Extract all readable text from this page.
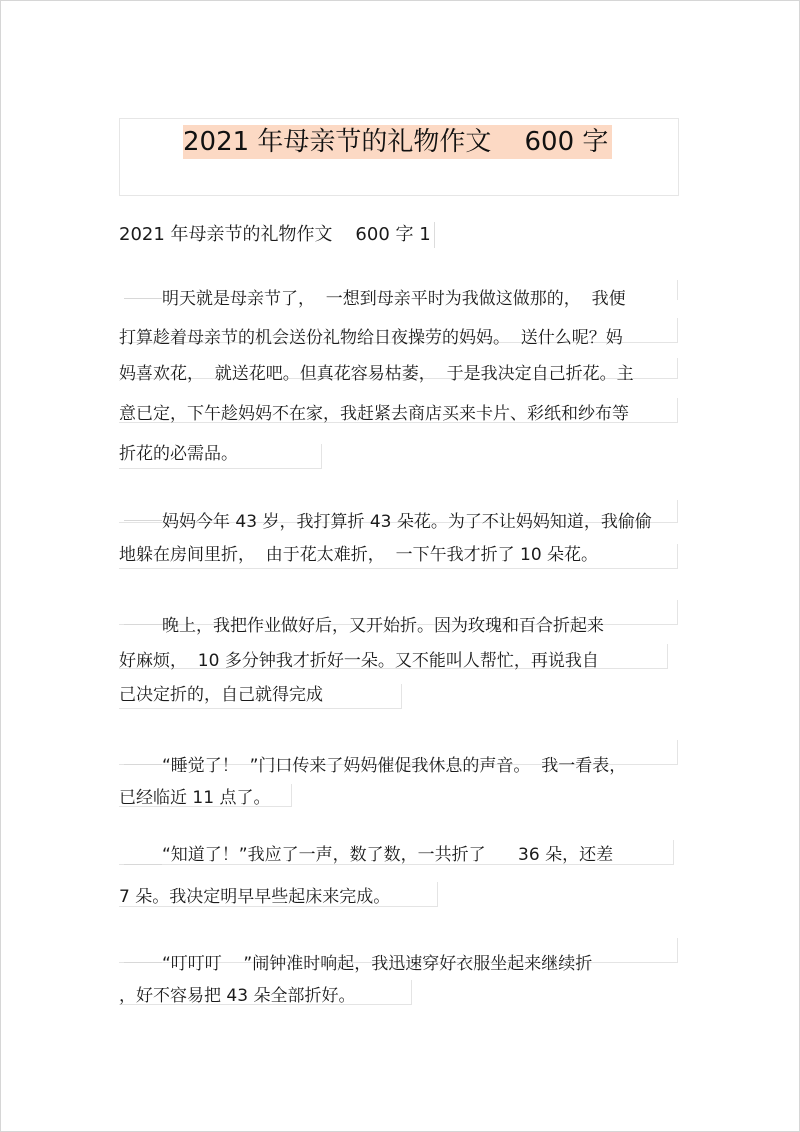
2021 年母亲节的礼物作文    600 字
2021 年母亲节的礼物作文    600 字 1
明天就是母亲节了，  一想到母亲平时为我做这做那的，  我便
打算趁着母亲节的机会送份礼物给日夜操劳的妈妈。  送什么呢？妈
妈喜欢花，  就送花吧。但真花容易枯萎，  于是我决定自己折花。主
意已定，下午趁妈妈不在家，我赶紧去商店买来卡片、彩纸和纱布等
折花的必需品。
妈妈今年 43 岁，我打算折 43 朵花。为了不让妈妈知道，我偷偷
地躲在房间里折，  由于花太难折，  一下午我才折了 10 朵花。
晚上，我把作业做好后，又开始折。因为玫瑰和百合折起来
好麻烦，  10 多分钟我才折好一朵。又不能叫人帮忙，再说我自
己决定折的，自己就得完成
“睡觉了！  ”门口传来了妈妈催促我休息的声音。  我一看表，
已经临近 11 点了。
“知道了！”我应了一声，数了数，一共折了      36 朵，还差
7 朵。我决定明早早些起床来完成。
“叮叮叮    ”闹钟准时响起，我迅速穿好衣服坐起来继续折
，好不容易把 43 朵全部折好。
